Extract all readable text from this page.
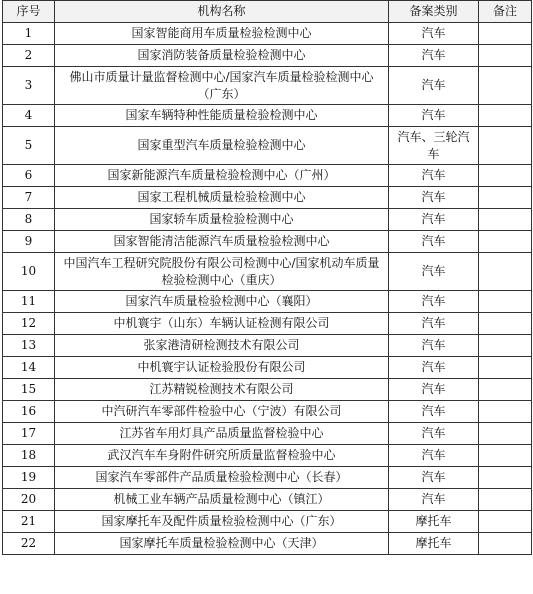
序号	机构名称	备案类别	备注
1	国家智能商用车质量检验检测中心	汽车	
2	国家消防装备质量检验检测中心	汽车	
3	佛山市质量计量监督检测中心/国家汽车质量检验检测中心（广东）	汽车	
4	国家车辆特种性能质量检验检测中心	汽车	
5	国家重型汽车质量检验检测中心	汽车、三轮汽车	
6	国家新能源汽车质量检验检测中心（广州）	汽车	
7	国家工程机械质量检验检测中心	汽车	
8	国家轿车质量检验检测中心	汽车	
9	国家智能清洁能源汽车质量检验检测中心	汽车	
10	中国汽车工程研究院股份有限公司检测中心/国家机动车质量检验检测中心（重庆）	汽车	
11	国家汽车质量检验检测中心（襄阳）	汽车	
12	中机寰宇（山东）车辆认证检测有限公司	汽车	
13	张家港清研检测技术有限公司	汽车	
14	中机寰宇认证检验股份有限公司	汽车	
15	江苏精锐检测技术有限公司	汽车	
16	中汽研汽车零部件检验中心（宁波）有限公司	汽车	
17	江苏省车用灯具产品质量监督检验中心	汽车	
18	武汉汽车车身附件研究所质量监督检验中心	汽车	
19	国家汽车零部件产品质量检验检测中心（长春）	汽车	
20	机械工业车辆产品质量检测中心（镇江）	汽车	
21	国家摩托车及配件质量检验检测中心（广东）	摩托车	
22	国家摩托车质量检验检测中心（天津）	摩托车	
